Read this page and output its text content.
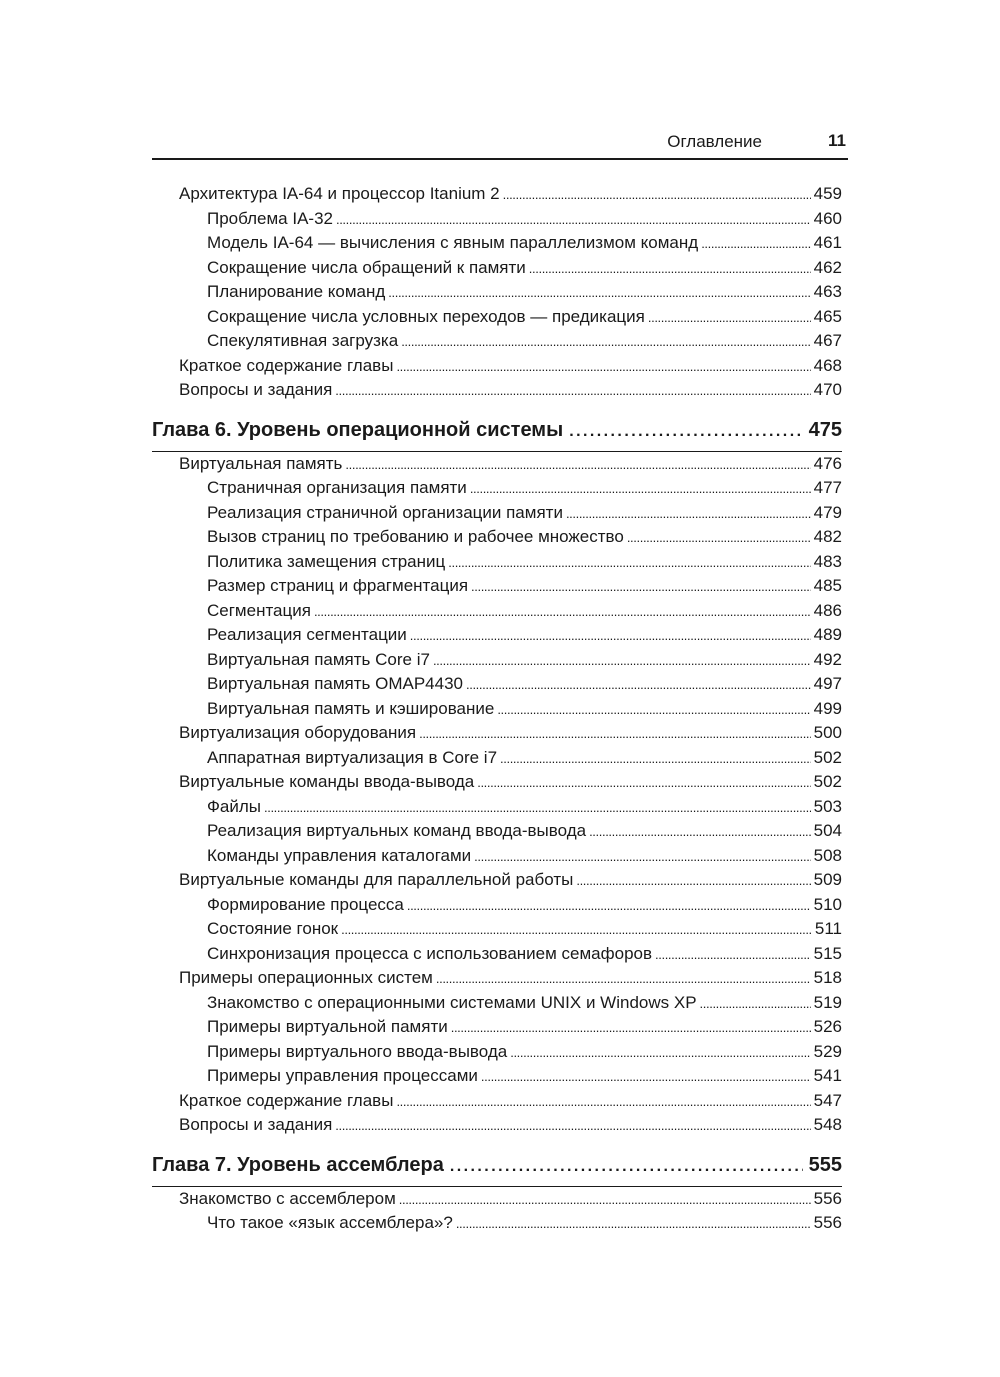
Оглавление	11
Архитектура IA-64 и процессор Itanium 2 . . .	459
Проблема IA-32 . . .	460
Модель IA-64 — вычисления с явным параллелизмом команд . . .	461
Сокращение числа обращений к памяти . . .	462
Планирование команд . . .	463
Сокращение числа условных переходов — предикация . . .	465
Спекулятивная загрузка . . .	467
Краткое содержание главы . . .	468
Вопросы и задания . . .	470
Глава 6. Уровень операционной системы . . .	475
Виртуальная память . . .	476
Страничная организация памяти . . .	477
Реализация страничной организации памяти . . .	479
Вызов страниц по требованию и рабочее множество . . .	482
Политика замещения страниц . . .	483
Размер страниц и фрагментация . . .	485
Сегментация . . .	486
Реализация сегментации . . .	489
Виртуальная память Core i7 . . .	492
Виртуальная память OMAP4430 . . .	497
Виртуальная память и кэширование . . .	499
Виртуализация оборудования . . .	500
Аппаратная виртуализация в Core i7 . . .	502
Виртуальные команды ввода-вывода . . .	502
Файлы . . .	503
Реализация виртуальных команд ввода-вывода . . .	504
Команды управления каталогами . . .	508
Виртуальные команды для параллельной работы . . .	509
Формирование процесса . . .	510
Состояние гонок . . .	511
Синхронизация процесса с использованием семафоров . . .	515
Примеры операционных систем . . .	518
Знакомство с операционными системами UNIX и Windows XP . . .	519
Примеры виртуальной памяти . . .	526
Примеры виртуального ввода-вывода . . .	529
Примеры управления процессами . . .	541
Краткое содержание главы . . .	547
Вопросы и задания . . .	548
Глава 7. Уровень ассемблера . . .	555
Знакомство с ассемблером . . .	556
Что такое «язык ассемблера»? . . .	556
